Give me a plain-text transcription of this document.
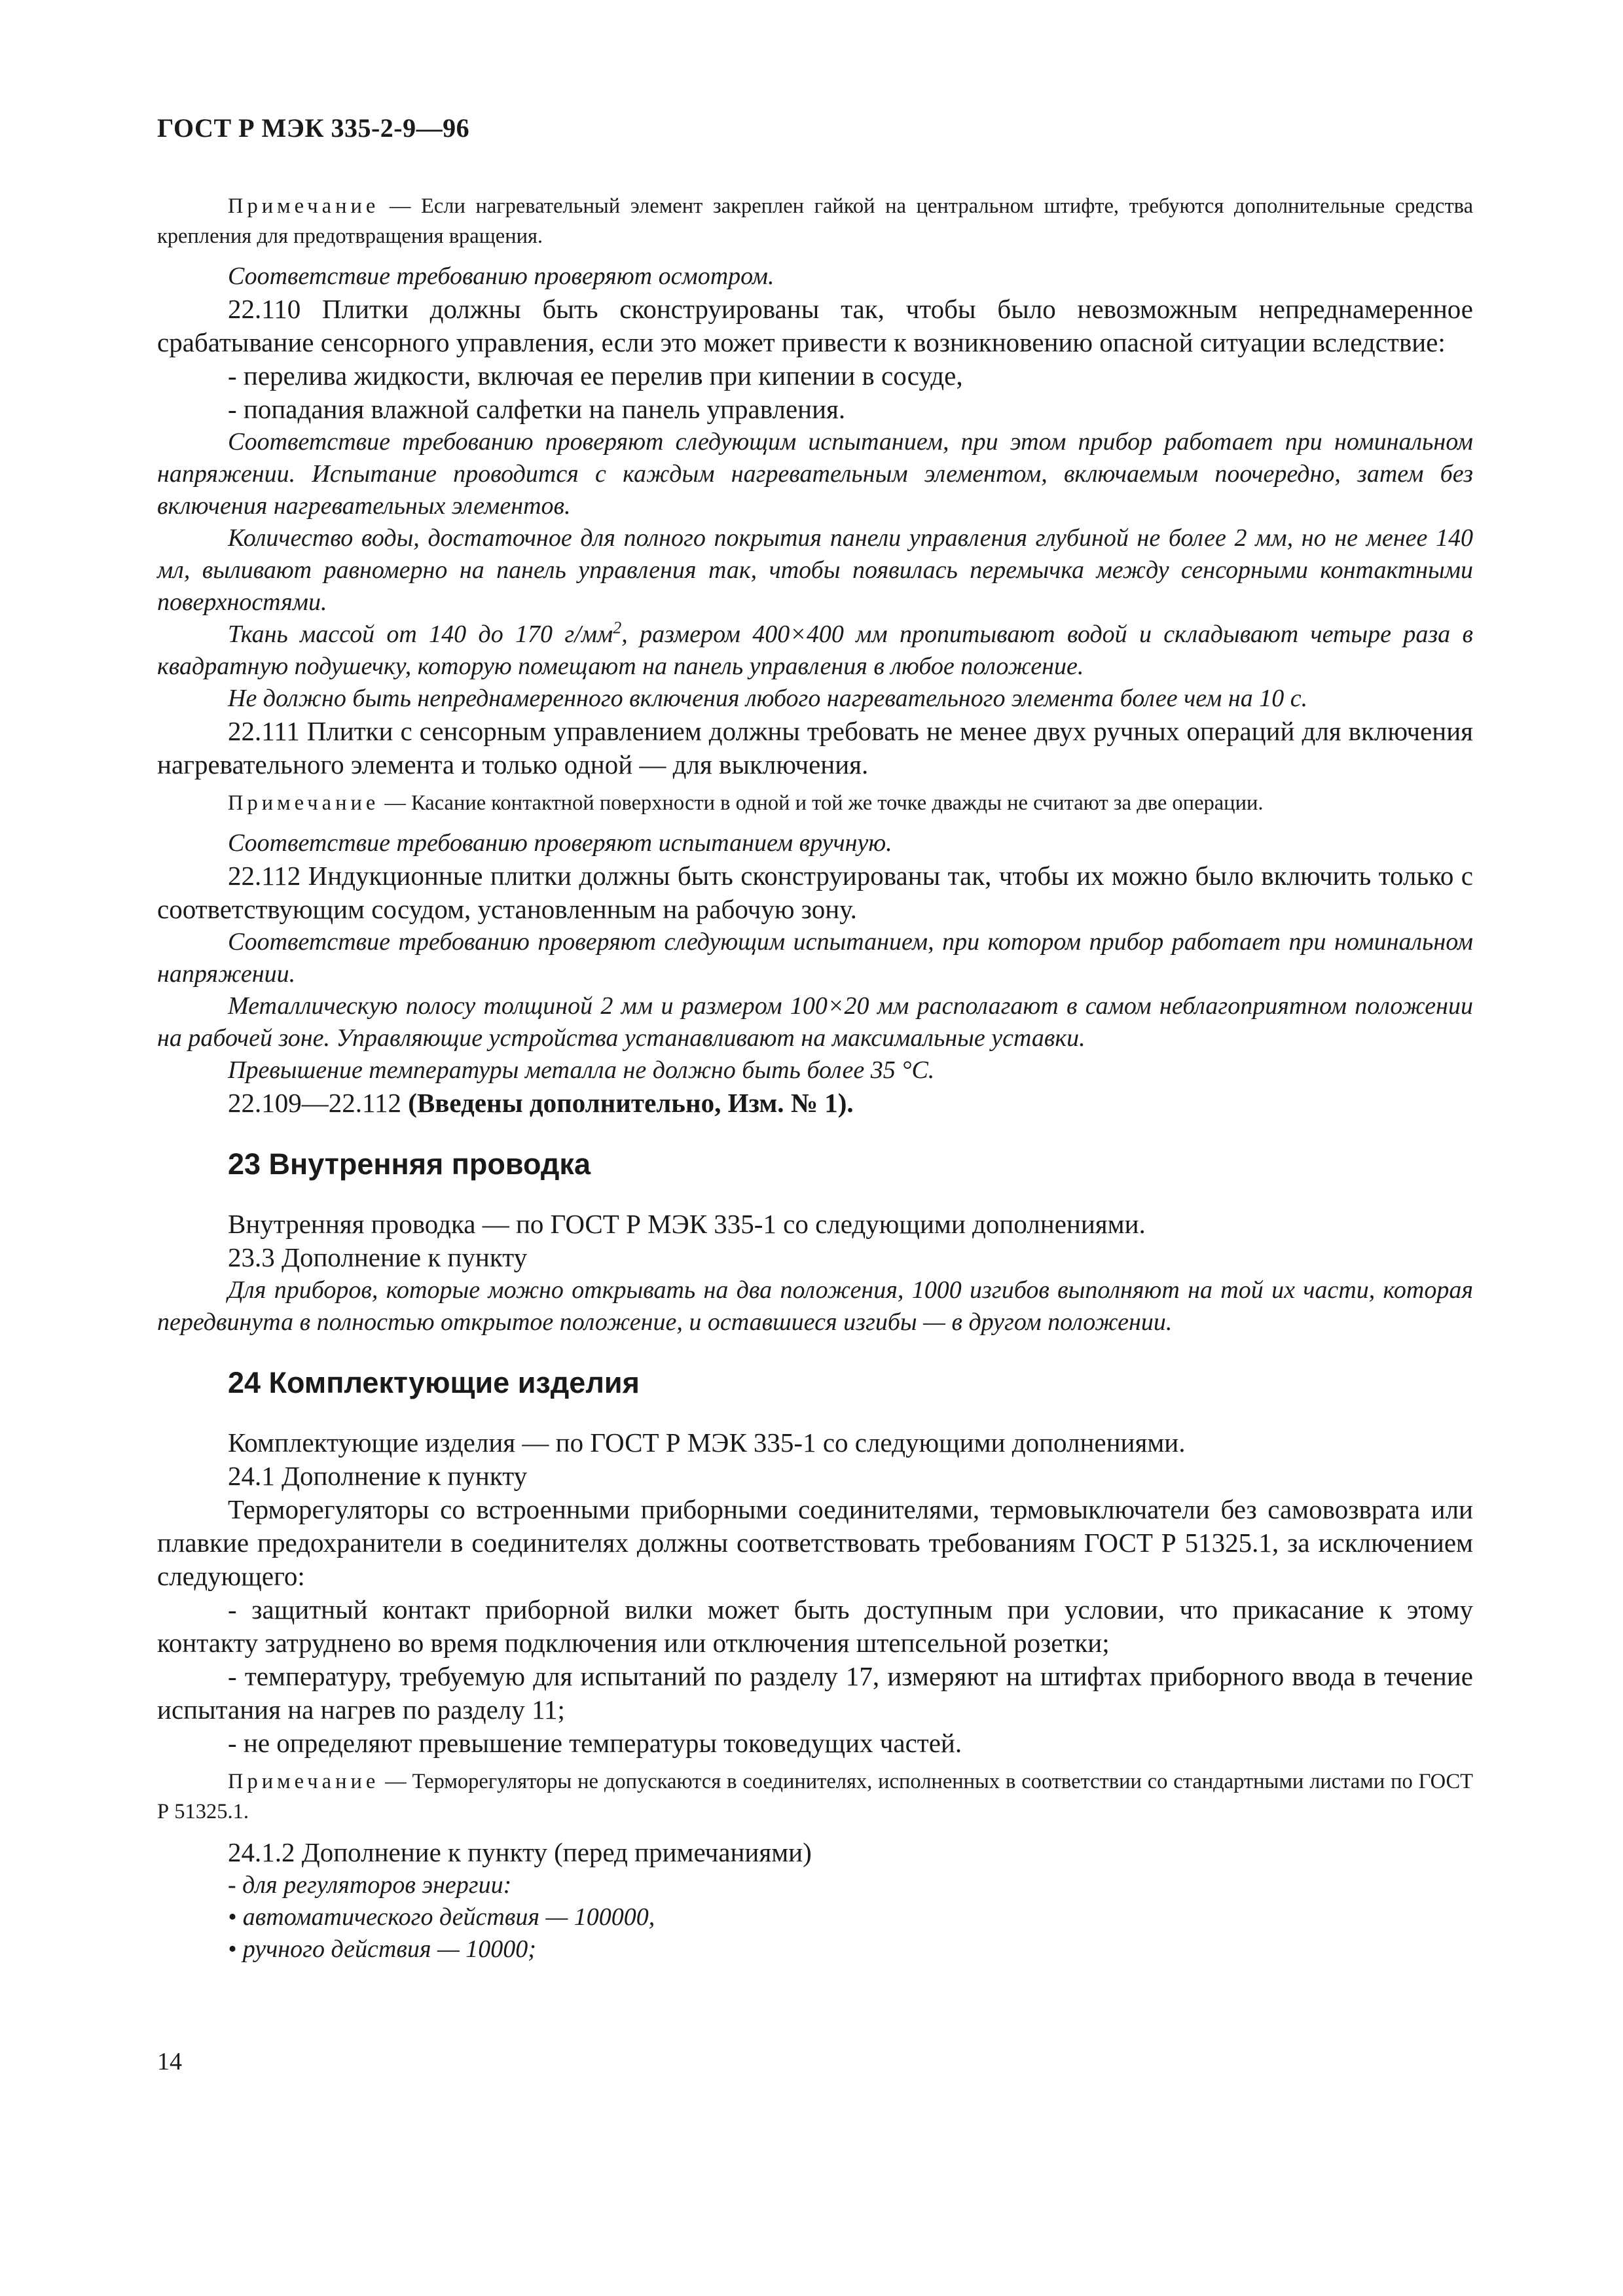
ГОСТ Р МЭК 335-2-9—96

Примечание — Если нагревательный элемент закреплен гайкой на центральном штифте, требуются дополнительные средства крепления для предотвращения вращения.

Соответствие требованию проверяют осмотром.

22.110 Плитки должны быть сконструированы так, чтобы было невозможным непреднамеренное срабатывание сенсорного управления, если это может привести к возникновению опасной ситуации вследствие:

- перелива жидкости, включая ее перелив при кипении в сосуде,

- попадания влажной салфетки на панель управления.

Соответствие требованию проверяют следующим испытанием, при этом прибор работает при номинальном напряжении. Испытание проводится с каждым нагревательным элементом, включаемым поочередно, затем без включения нагревательных элементов.

Количество воды, достаточное для полного покрытия панели управления глубиной не более 2 мм, но не менее 140 мл, выливают равномерно на панель управления так, чтобы появилась перемычка между сенсорными контактными поверхностями.

Ткань массой от 140 до 170 $г/мм^2$, размером 400×400 мм пропитывают водой и складывают четыре раза в квадратную подушечку, которую помещают на панель управления в любое положение.

Не должно быть непреднамеренного включения любого нагревательного элемента более чем на 10 с.

22.111 Плитки с сенсорным управлением должны требовать не менее двух ручных операций для включения нагревательного элемента и только одной — для выключения.

Примечание — Касание контактной поверхности в одной и той же точке дважды не считают за две операции.

Соответствие требованию проверяют испытанием вручную.

22.112 Индукционные плитки должны быть сконструированы так, чтобы их можно было включить только с соответствующим сосудом, установленным на рабочую зону.

Соответствие требованию проверяют следующим испытанием, при котором прибор работает при номинальном напряжении.

Металлическую полосу толщиной 2 мм и размером 100×20 мм располагают в самом неблагоприятном положении на рабочей зоне. Управляющие устройства устанавливают на максимальные уставки.

Превышение температуры металла не должно быть более 35 °С.

22.109—22.112 (Введены дополнительно, Изм. № 1).

23 Внутренняя проводка

Внутренняя проводка — по ГОСТ Р МЭК 335-1 со следующими дополнениями.

23.3 Дополнение к пункту

Для приборов, которые можно открывать на два положения, 1000 изгибов выполняют на той их части, которая передвинута в полностью открытое положение, и оставшиеся изгибы — в другом положении.

24 Комплектующие изделия

Комплектующие изделия — по ГОСТ Р МЭК 335-1 со следующими дополнениями.

24.1 Дополнение к пункту

Терморегуляторы со встроенными приборными соединителями, термовыключатели без самовозврата или плавкие предохранители в соединителях должны соответствовать требованиям ГОСТ Р 51325.1, за исключением следующего:

- защитный контакт приборной вилки может быть доступным при условии, что прикасание к этому контакту затруднено во время подключения или отключения штепсельной розетки;

- температуру, требуемую для испытаний по разделу 17, измеряют на штифтах приборного ввода в течение испытания на нагрев по разделу 11;

- не определяют превышение температуры токоведущих частей.

Примечание — Терморегуляторы не допускаются в соединителях, исполненных в соответствии со стандартными листами по ГОСТ Р 51325.1.

24.1.2 Дополнение к пункту (перед примечаниями)

- для регуляторов энергии:

• автоматического действия — 100000,

• ручного действия — 10000;

14
